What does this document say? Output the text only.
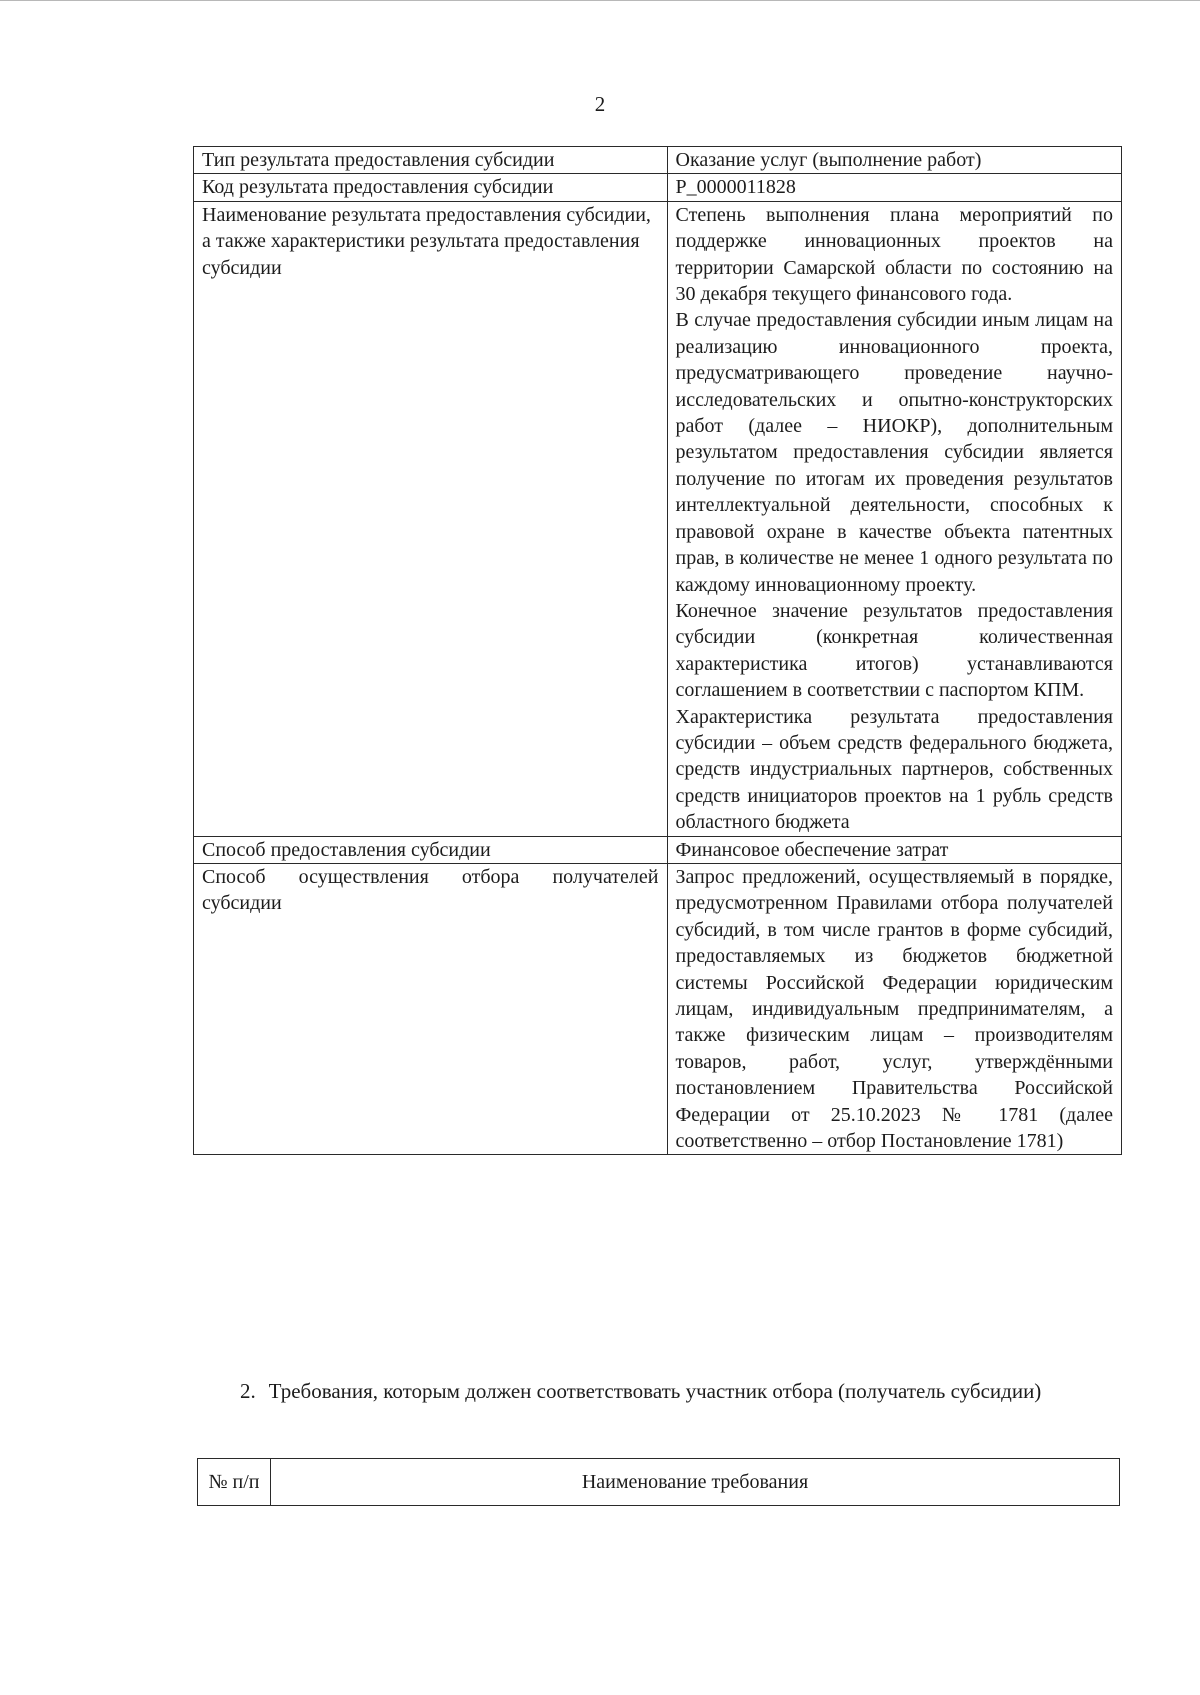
2
Тип результата предоставления субсидии	Оказание услуг (выполнение работ)

Код результата предоставления субсидии	P_0000011828

Наименование результата предоставления субсидии, а также характеристики результата предоставления субсидии	Степень выполнения плана мероприятий по поддержке инновационных проектов на территории Самарской области по состоянию на 30 декабря текущего финансового года.
В случае предоставления субсидии иным лицам на реализацию инновационного проекта, предусматривающего проведение научно-исследовательских и опытно-конструкторских работ (далее – НИОКР), дополнительным результатом предоставления субсидии является получение по итогам их проведения результатов интеллектуальной деятельности, способных к правовой охране в качестве объекта патентных прав, в количестве не менее 1 одного результата по каждому инновационному проекту.
Конечное значение результатов предоставления субсидии (конкретная количественная характеристика итогов) устанавливаются соглашением в соответствии с паспортом КПМ.
Характеристика результата предоставления субсидии – объем средств федерального бюджета, средств индустриальных партнеров, собственных средств инициаторов проектов на 1 рубль средств областного бюджета

Способ предоставления субсидии	Финансовое обеспечение затрат

Способ осуществления отбора получателей субсидии	Запрос предложений, осуществляемый в порядке, предусмотренном Правилами отбора получателей субсидий, в том числе грантов в форме субсидий, предоставляемых из бюджетов бюджетной системы Российской Федерации юридическим лицам, индивидуальным предпринимателям, а также физическим лицам – производителям товаров, работ, услуг, утверждёнными постановлением Правительства Российской Федерации от 25.10.2023 № 1781 (далее соответственно – отбор Постановление 1781)
2. Требования, которым должен соответствовать участник отбора (получатель субсидии)
№ п/п	Наименование требования
